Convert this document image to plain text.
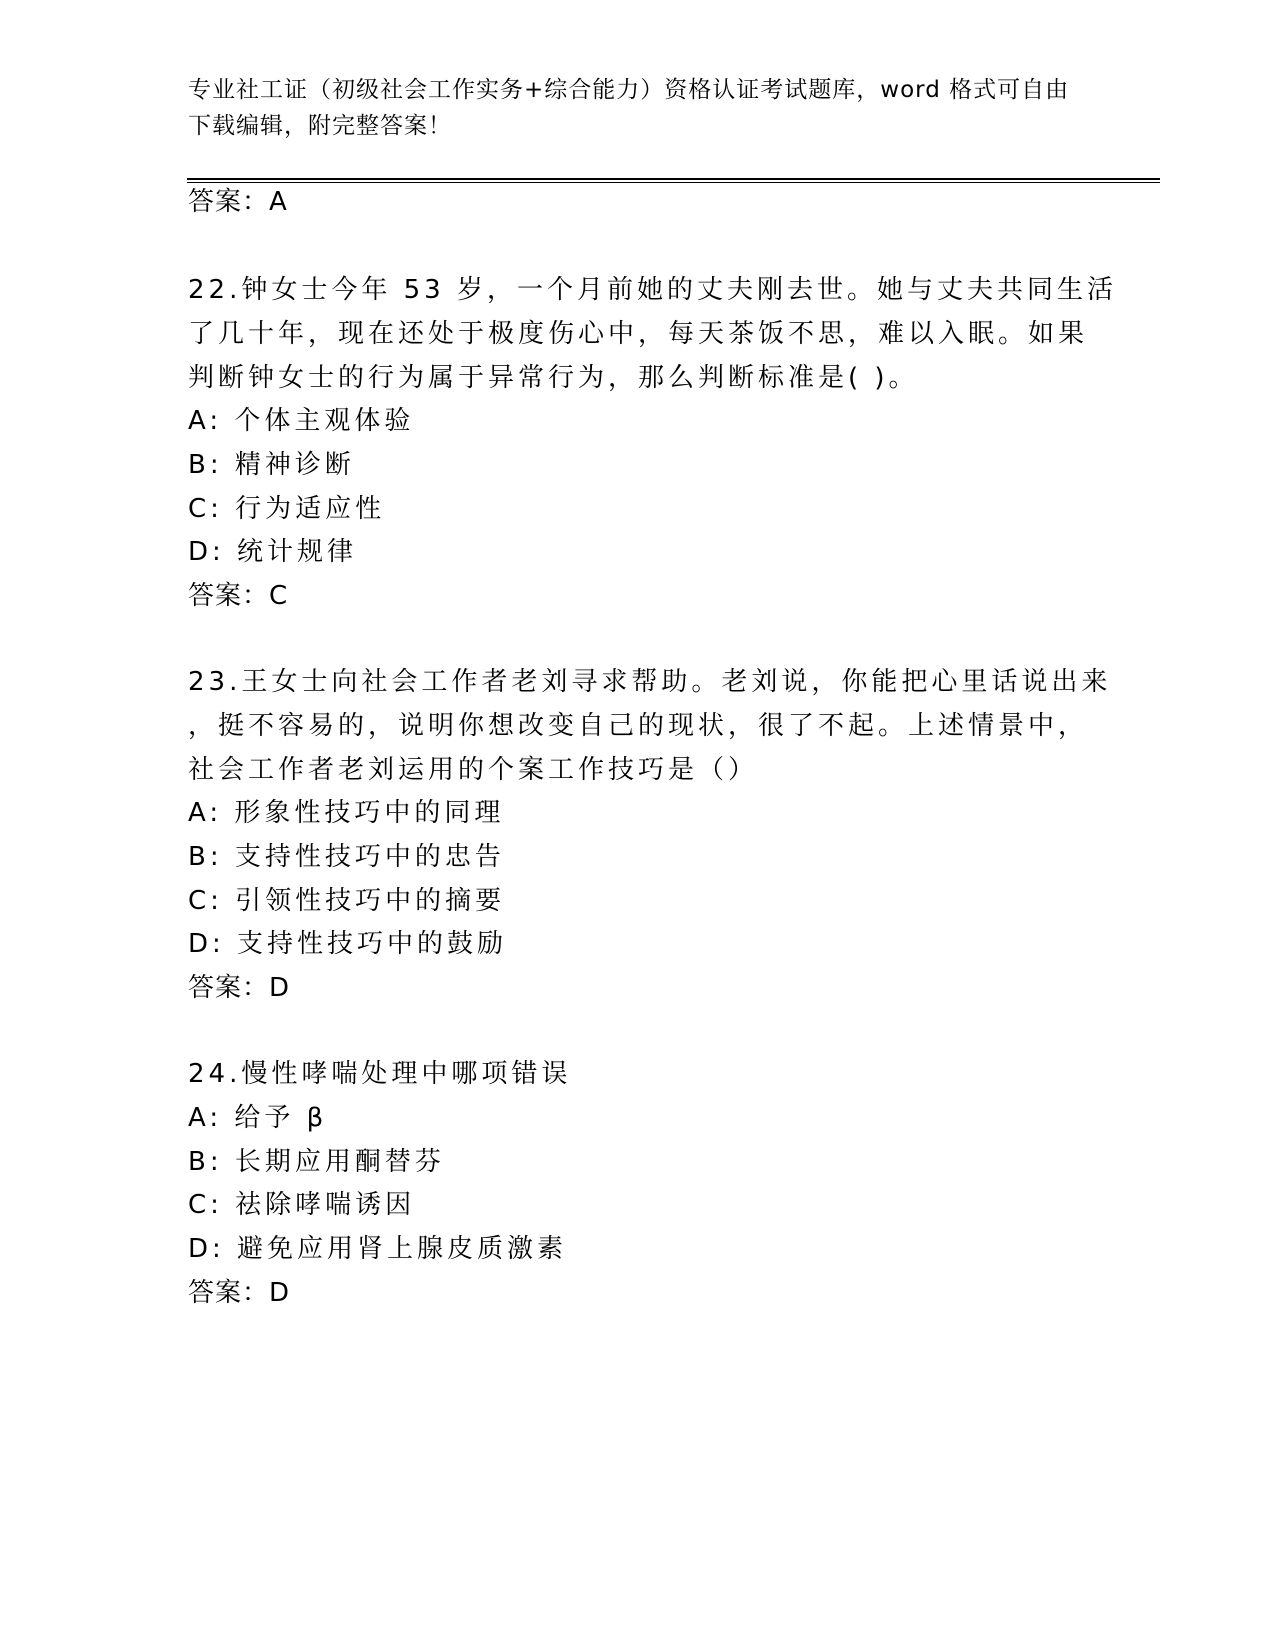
专业社工证（初级社会工作实务+综合能力）资格认证考试题库，word 格式可自由
下载编辑，附完整答案！
答案：A
22.钟女士今年 53 岁，一个月前她的丈夫刚去世。她与丈夫共同生活
了几十年，现在还处于极度伤心中，每天茶饭不思，难以入眠。如果
判断钟女士的行为属于异常行为，那么判断标准是( )。
A: 个体主观体验
B: 精神诊断
C: 行为适应性
D: 统计规律
答案：C
23.王女士向社会工作者老刘寻求帮助。老刘说，你能把心里话说出来
，挺不容易的，说明你想改变自己的现状，很了不起。上述情景中，
社会工作者老刘运用的个案工作技巧是（）
A: 形象性技巧中的同理
B: 支持性技巧中的忠告
C: 引领性技巧中的摘要
D: 支持性技巧中的鼓励
答案：D
24.慢性哮喘处理中哪项错误
A: 给予 β
B: 长期应用酮替芬
C: 祛除哮喘诱因
D: 避免应用肾上腺皮质激素
答案：D
